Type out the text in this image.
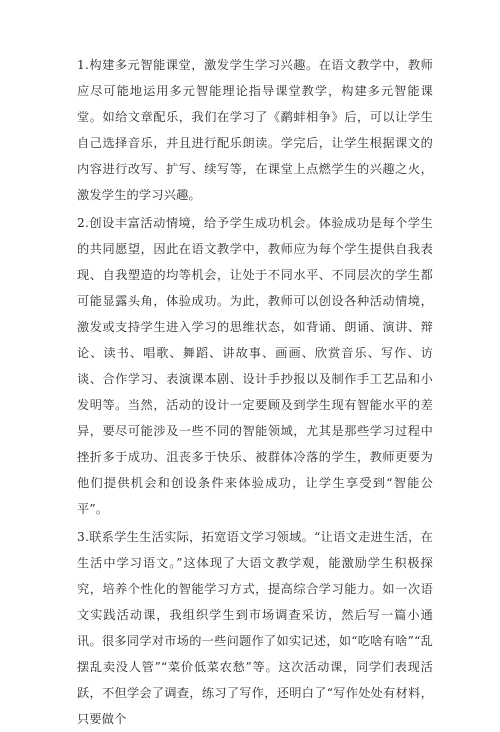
1.构建多元智能课堂，激发学生学习兴趣。在语文教学中，教师应尽可能地运用多元智能理论指导课堂教学，构建多元智能课堂。如给文章配乐，我们在学习了《鹬蚌相争》后，可以让学生自己选择音乐，并且进行配乐朗读。学完后，让学生根据课文的内容进行改写、扩写、续写等，在课堂上点燃学生的兴趣之火，激发学生的学习兴趣。

2.创设丰富活动情境，给予学生成功机会。体验成功是每个学生的共同愿望，因此在语文教学中，教师应为每个学生提供自我表现、自我塑造的均等机会，让处于不同水平、不同层次的学生都可能显露头角，体验成功。为此，教师可以创设各种活动情境，激发或支持学生进入学习的思维状态，如背诵、朗诵、演讲、辩论、读书、唱歌、舞蹈、讲故事、画画、欣赏音乐、写作、访谈、合作学习、表演课本剧、设计手抄报以及制作手工艺品和小发明等。当然，活动的设计一定要顾及到学生现有智能水平的差异，要尽可能涉及一些不同的智能领域，尤其是那些学习过程中挫折多于成功、沮丧多于快乐、被群体冷落的学生，教师更要为他们提供机会和创设条件来体验成功，让学生享受到“智能公平”。

3.联系学生生活实际，拓宽语文学习领域。“让语文走进生活，在生活中学习语文。”这体现了大语文教学观，能激励学生积极探究，培养个性化的智能学习方式，提高综合学习能力。如一次语文实践活动课，我组织学生到市场调查采访，然后写一篇小通讯。很多同学对市场的一些问题作了如实记述，如“吃啥有啥”“乱摆乱卖没人管”“菜价低菜农愁”等。这次活动课，同学们表现活跃，不但学会了调查，练习了写作，还明白了“写作处处有材料，只要做个
